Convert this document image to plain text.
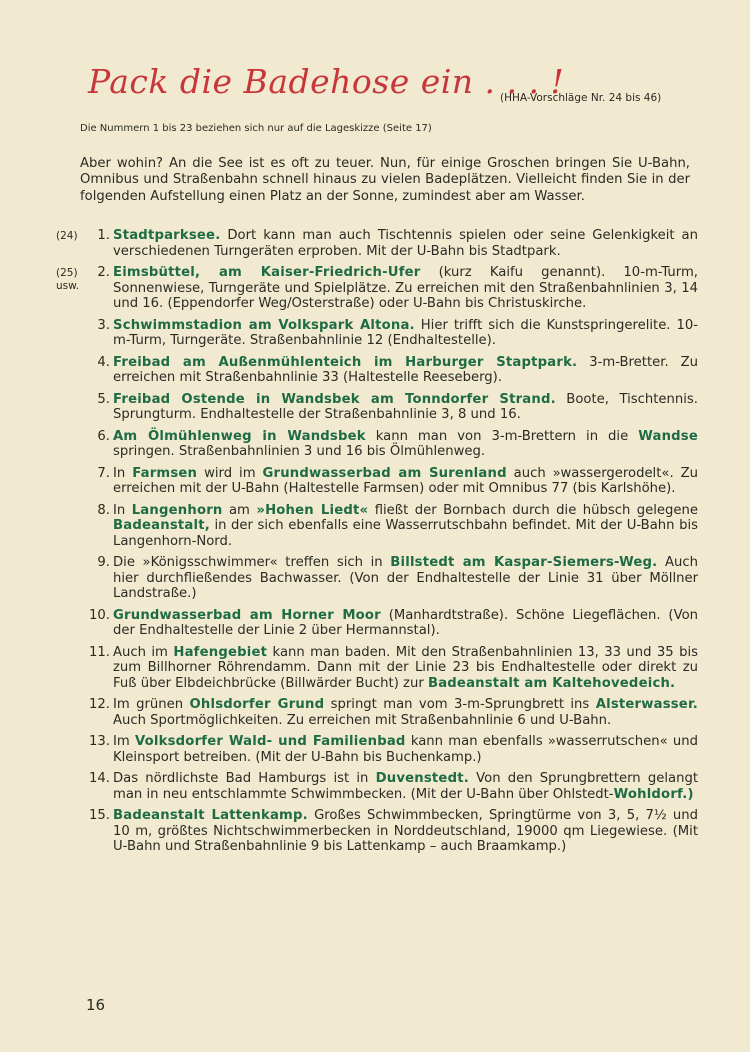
Pack die Badehose ein . . . !
(HHA-Vorschläge Nr. 24 bis 46)
Die Nummern 1 bis 23 beziehen sich nur auf die Lageskizze (Seite 17)
Aber wohin? An die See ist es oft zu teuer. Nun, für einige Groschen bringen Sie U-Bahn, Omnibus und Straßenbahn schnell hinaus zu vielen Badeplätzen. Vielleicht finden Sie in der folgenden Aufstellung einen Platz an der Sonne, zumindest aber am Wasser.
(24)	1. Stadtparksee. Dort kann man auch Tischtennis spielen oder seine Gelenkigkeit an verschiedenen Turngeräten erproben. Mit der U-Bahn bis Stadtpark.
(25) usw.
2. Eimsbüttel, am Kaiser-Friedrich-Ufer (kurz Kaifu genannt). 10-m-Turm, Sonnenwiese, Turngeräte und Spielplätze. Zu erreichen mit den Straßenbahnlinien 3, 14 und 16. (Eppendorfer Weg/Osterstraße) oder U-Bahn bis Christuskirche.
3. Schwimmstadion am Volkspark Altona. Hier trifft sich die Kunstspringerelite. 10-m-Turm, Turngeräte. Straßenbahnlinie 12 (Endhaltestelle).
4. Freibad am Außenmühlenteich im Harburger Staptpark. 3-m-Bretter. Zu erreichen mit Straßenbahnlinie 33 (Haltestelle Reeseberg).
5. Freibad Ostende in Wandsbek am Tonndorfer Strand. Boote, Tischtennis. Sprungturm. Endhaltestelle der Straßenbahnlinie 3, 8 und 16.
6. Am Ölmühlenweg in Wandsbek kann man von 3-m-Brettern in die Wandse springen. Straßenbahnlinien 3 und 16 bis Ölmühlenweg.
7. In Farmsen wird im Grundwasserbad am Surenland auch »wassergerodelt«. Zu erreichen mit der U-Bahn (Haltestelle Farmsen) oder mit Omnibus 77 (bis Karlshöhe).
8. In Langenhorn am »Hohen Liedt« fließt der Bornbach durch die hübsch gelegene Badeanstalt, in der sich ebenfalls eine Wasserrutschbahn befindet. Mit der U-Bahn bis Langenhorn-Nord.
9. Die »Königsschwimmer« treffen sich in Billstedt am Kaspar-Siemers-Weg. Auch hier durchfließendes Bachwasser. (Von der Endhaltestelle der Linie 31 über Möllner Landstraße.)
10. Grundwasserbad am Horner Moor (Manhardtstraße). Schöne Liegeflächen. (Von der Endhaltestelle der Linie 2 über Hermannstal).
11. Auch im Hafengebiet kann man baden. Mit den Straßenbahnlinien 13, 33 und 35 bis zum Billhorner Röhrendamm. Dann mit der Linie 23 bis Endhaltestelle oder direkt zu Fuß über Elbdeichbrücke (Billwärder Bucht) zur Badeanstalt am Kaltehovedeich.
12. Im grünen Ohlsdorfer Grund springt man vom 3-m-Sprungbrett ins Alsterwasser. Auch Sportmöglichkeiten. Zu erreichen mit Straßenbahnlinie 6 und U-Bahn.
13. Im Volksdorfer Wald- und Familienbad kann man ebenfalls »wasserrutschen« und Kleinsport betreiben. (Mit der U-Bahn bis Buchenkamp.)
14. Das nördlichste Bad Hamburgs ist in Duvenstedt. Von den Sprungbrettern gelangt man in neu entschlammte Schwimmbecken. (Mit der U-Bahn über Ohlstedt-Wohldorf.)
15. Badeanstalt Lattenkamp. Großes Schwimmbecken, Springtürme von 3, 5, 7½ und 10 m, größtes Nichtschwimmerbecken in Norddeutschland, 19000 qm Liegewiese. (Mit U-Bahn und Straßenbahnlinie 9 bis Lattenkamp – auch Braamkamp.)
16
